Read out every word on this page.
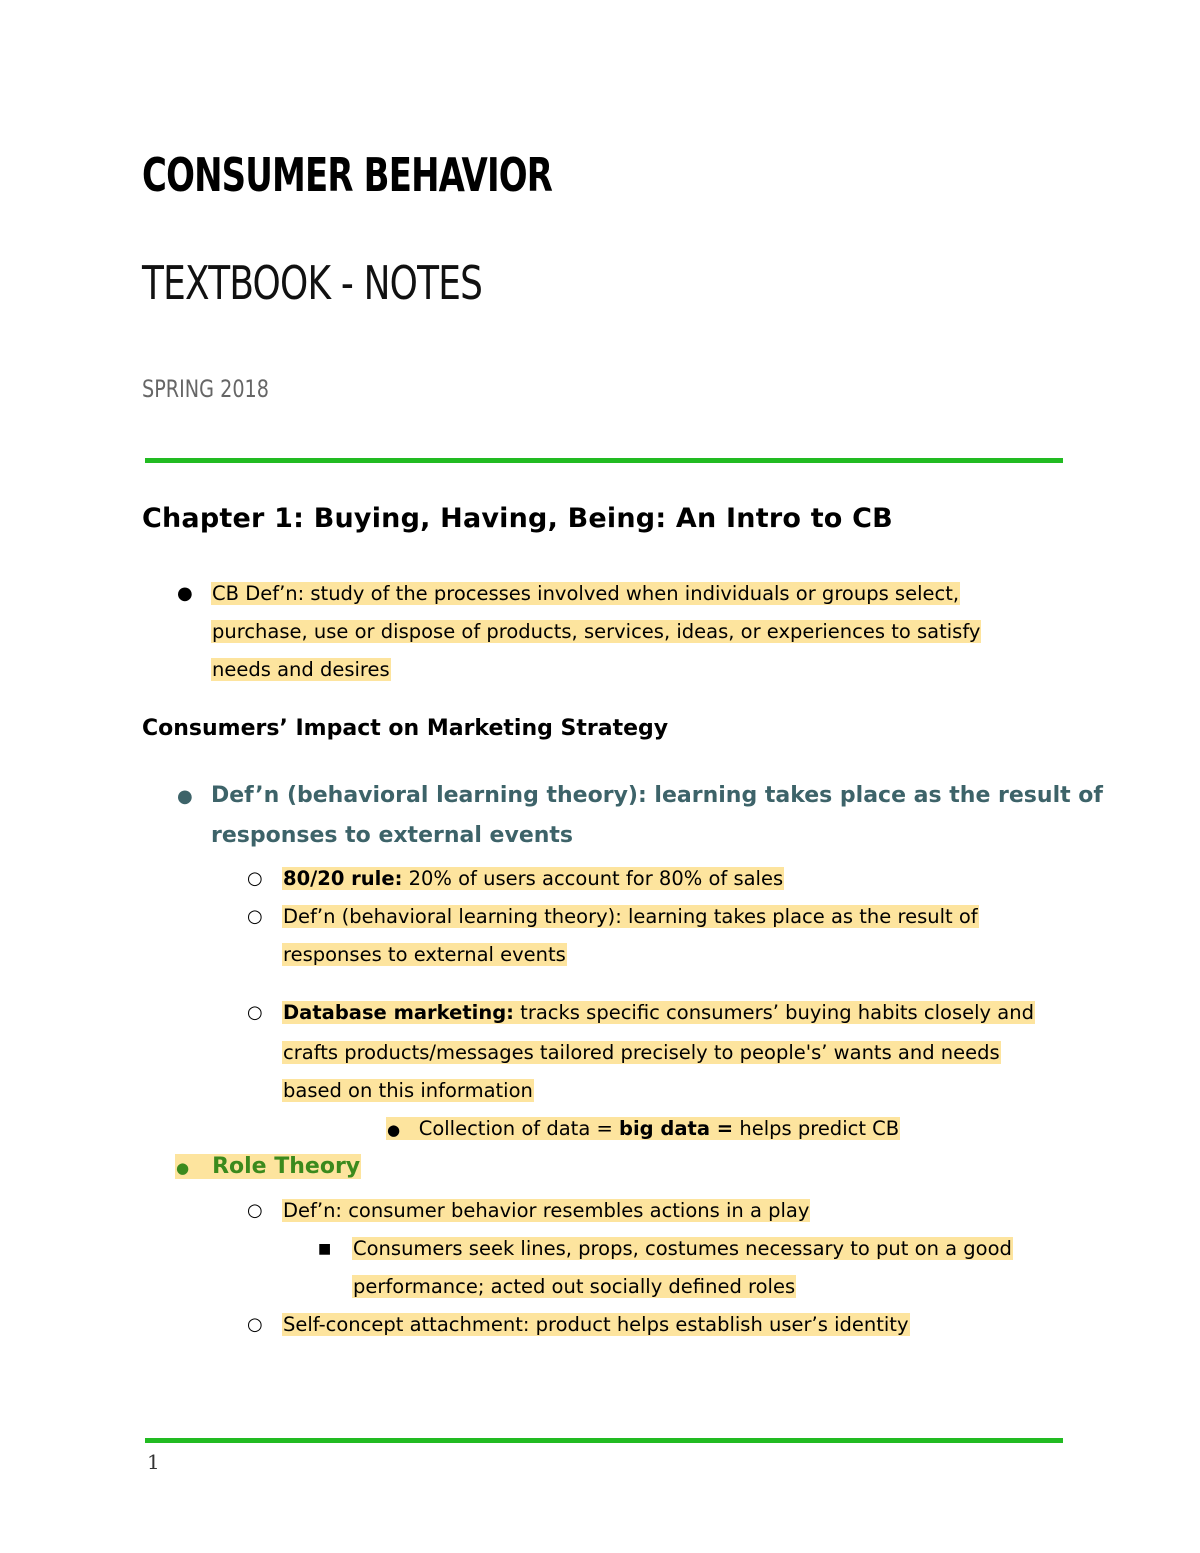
CONSUMER BEHAVIOR
TEXTBOOK - NOTES
SPRING 2018
Chapter 1: Buying, Having, Being: An Intro to CB
● CB Def’n: study of the processes involved when individuals or groups select,
purchase, use or dispose of products, services, ideas, or experiences to satisfy
needs and desires
Consumers’ Impact on Marketing Strategy
● Def’n (behavioral learning theory): learning takes place as the result of
responses to external events
○ 80/20 rule: 20% of users account for 80% of sales
○ Def’n (behavioral learning theory): learning takes place as the result of
responses to external events
○ Database marketing: tracks specific consumers’ buying habits closely and
crafts products/messages tailored precisely to people's’ wants and needs
based on this information
● Collection of data = big data = helps predict CB
● Role Theory
○ Def’n: consumer behavior resembles actions in a play
■ Consumers seek lines, props, costumes necessary to put on a good
performance; acted out socially defined roles
○ Self-concept attachment: product helps establish user’s identity
1
